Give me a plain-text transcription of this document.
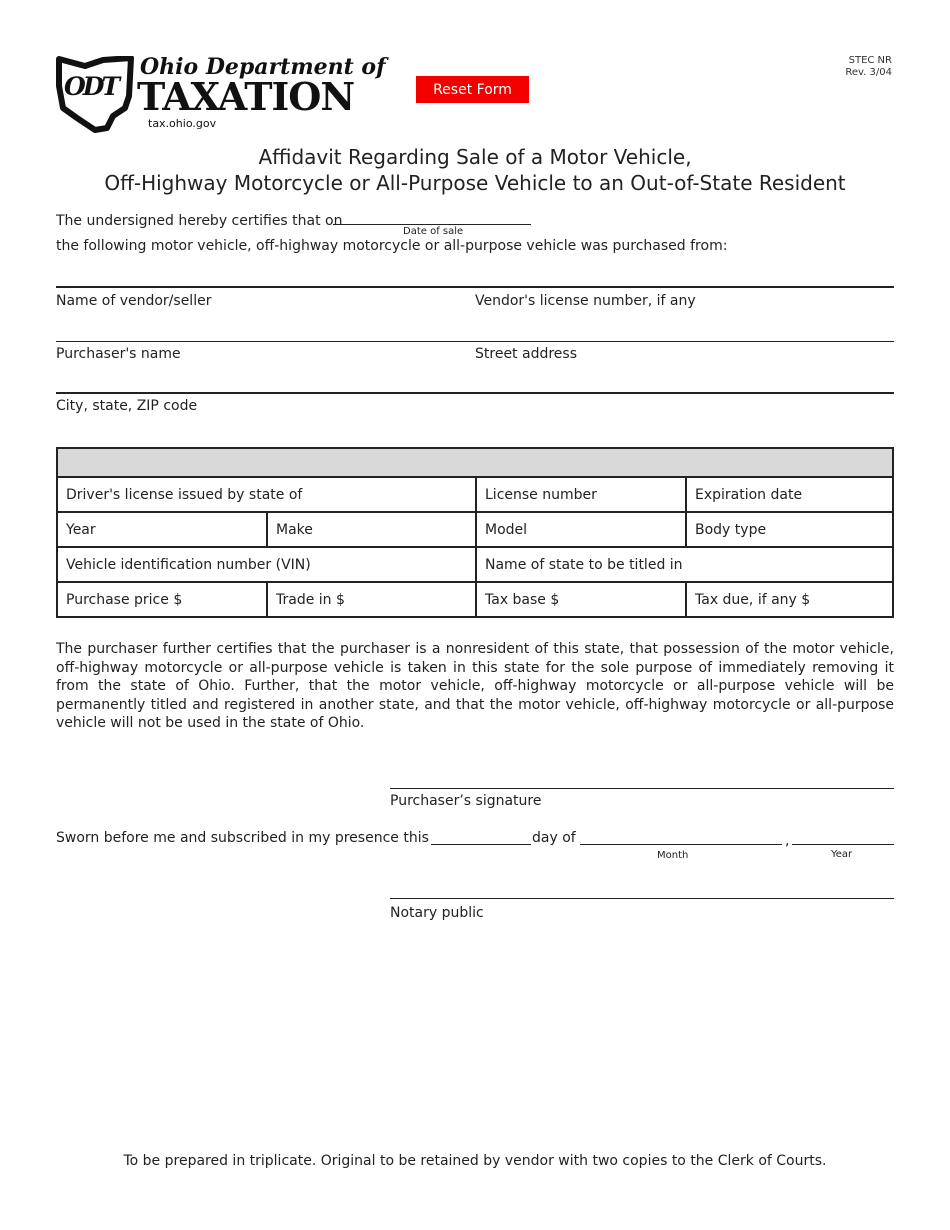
ODT
Ohio Department of
TAXATION
tax.ohio.gov
Reset Form
STEC NR
Rev. 3/04
Affidavit Regarding Sale of a Motor Vehicle,
Off-Highway Motorcycle or All-Purpose Vehicle to an Out-of-State Resident
The undersigned hereby certifies that on
Date of sale
the following motor vehicle, off-highway motorcycle or all-purpose vehicle was purchased from:
Name of vendor/seller	Vendor's license number, if any
Purchaser's name	Street address
City, state, ZIP code

Driver's license issued by state of		License number	Expiration date
Year	Make	Model	Body type
Vehicle identification number (VIN)		Name of state to be titled in	
Purchase price $	Trade in $	Tax base $	Tax due, if any $
The purchaser further certifies that the purchaser is a nonresident of this state, that possession of the motor vehicle, off-highway motorcycle or all-purpose vehicle is taken in this state for the sole purpose of immediately removing it from the state of Ohio. Further, that the motor vehicle, off-highway motorcycle or all-purpose vehicle will be permanently titled and registered in another state, and that the motor vehicle, off-highway motorcycle or all-purpose vehicle will not be used in the state of Ohio.
Purchaser’s signature
Sworn before me and subscribed in my presence this	day of	,
Month	Year
Notary public
To be prepared in triplicate. Original to be retained by vendor with two copies to the Clerk of Courts.
